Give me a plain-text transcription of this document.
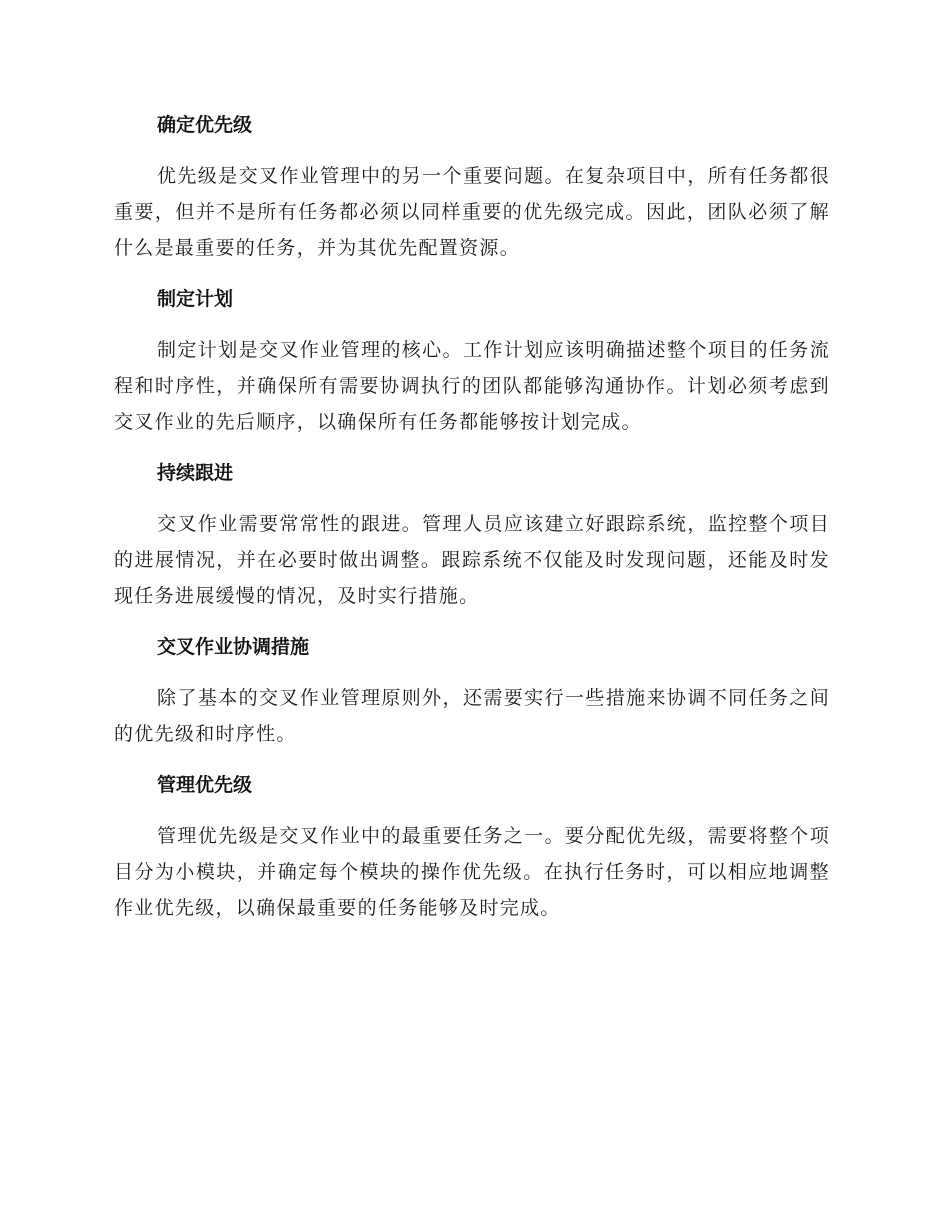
确定优先级

优先级是交叉作业管理中的另一个重要问题。在复杂项目中，所有任务都很重要，但并不是所有任务都必须以同样重要的优先级完成。因此，团队必须了解什么是最重要的任务，并为其优先配置资源。

制定计划

制定计划是交叉作业管理的核心。工作计划应该明确描述整个项目的任务流程和时序性，并确保所有需要协调执行的团队都能够沟通协作。计划必须考虑到交叉作业的先后顺序，以确保所有任务都能够按计划完成。

持续跟进

交叉作业需要常常性的跟进。管理人员应该建立好跟踪系统，监控整个项目的进展情况，并在必要时做出调整。跟踪系统不仅能及时发现问题，还能及时发现任务进展缓慢的情况，及时实行措施。

交叉作业协调措施

除了基本的交叉作业管理原则外，还需要实行一些措施来协调不同任务之间的优先级和时序性。

管理优先级

管理优先级是交叉作业中的最重要任务之一。要分配优先级，需要将整个项目分为小模块，并确定每个模块的操作优先级。在执行任务时，可以相应地调整作业优先级，以确保最重要的任务能够及时完成。
